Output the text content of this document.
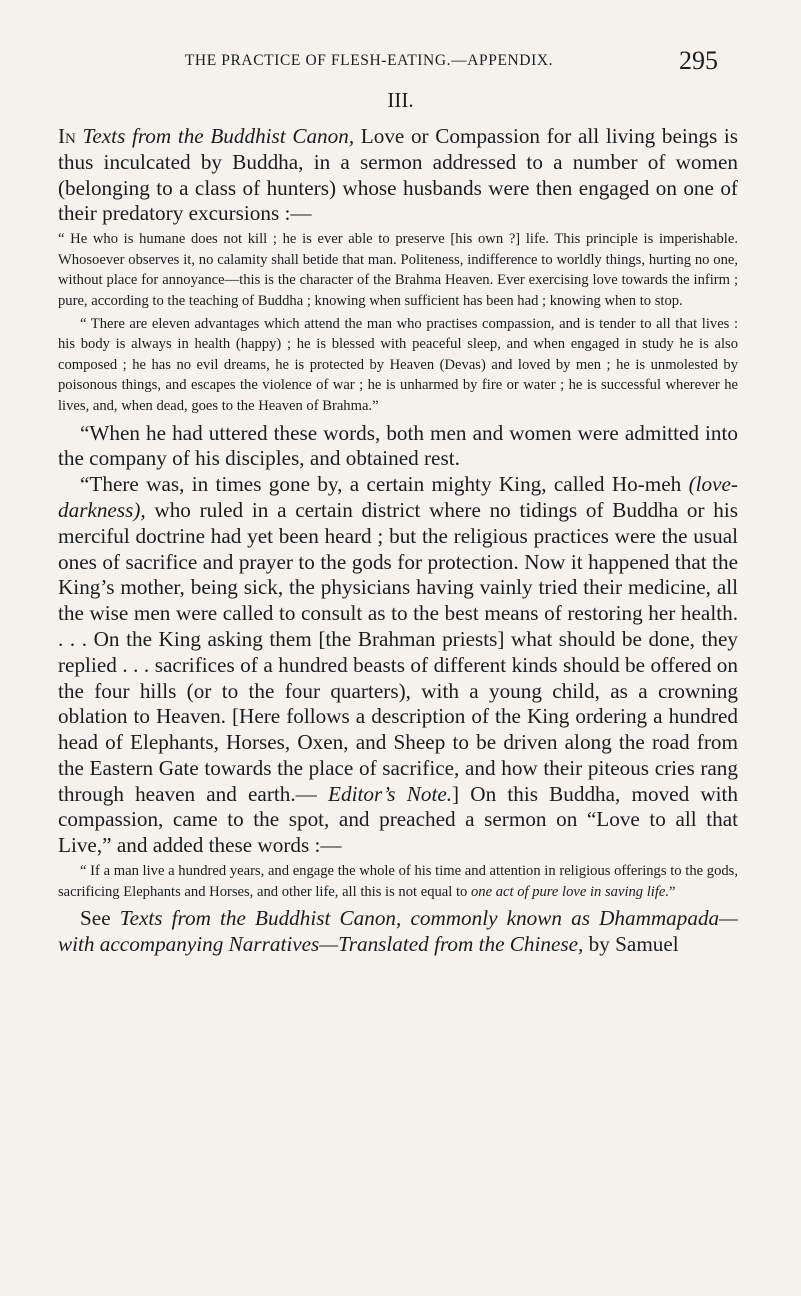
THE PRACTICE OF FLESH-EATING.—APPENDIX.	295
III.

In Texts from the Buddhist Canon, Love or Compassion for all living beings is thus inculcated by Buddha, in a sermon addressed to a number of women (belonging to a class of hunters) whose husbands were then engaged on one of their predatory excursions :—

“ He who is humane does not kill ; he is ever able to preserve [his own ?] life. This principle is imperishable. Whosoever observes it, no calamity shall betide that man. Politeness, indifference to worldly things, hurting no one, without place for annoyance—this is the character of the Brahma Heaven. Ever exercising love towards the infirm ; pure, according to the teaching of Buddha ; knowing when sufficient has been had ; knowing when to stop.

“ There are eleven advantages which attend the man who practises compassion, and is tender to all that lives : his body is always in health (happy) ; he is blessed with peaceful sleep, and when engaged in study he is also composed ; he has no evil dreams, he is protected by Heaven (Devas) and loved by men ; he is unmolested by poisonous things, and escapes the violence of war ; he is unharmed by fire or water ; he is successful wherever he lives, and, when dead, goes to the Heaven of Brahma.”

“When he had uttered these words, both men and women were admitted into the company of his disciples, and obtained rest.

“There was, in times gone by, a certain mighty King, called Ho-meh (love-darkness), who ruled in a certain district where no tidings of Buddha or his merciful doctrine had yet been heard ; but the religious practices were the usual ones of sacrifice and prayer to the gods for protection. Now it happened that the King’s mother, being sick, the physicians having vainly tried their medicine, all the wise men were called to consult as to the best means of restoring her health. . . . On the King asking them [the Brahman priests] what should be done, they replied . . . sacrifices of a hundred beasts of different kinds should be offered on the four hills (or to the four quarters), with a young child, as a crowning oblation to Heaven. [Here follows a description of the King ordering a hundred head of Elephants, Horses, Oxen, and Sheep to be driven along the road from the Eastern Gate towards the place of sacrifice, and how their piteous cries rang through heaven and earth.— Editor’s Note.] On this Buddha, moved with compassion, came to the spot, and preached a sermon on “Love to all that Live,” and added these words :—

“ If a man live a hundred years, and engage the whole of his time and attention in religious offerings to the gods, sacrificing Elephants and Horses, and other life, all this is not equal to one act of pure love in saving life.”

See Texts from the Buddhist Canon, commonly known as Dhammapada— with accompanying Narratives—Translated from the Chinese, by Samuel
